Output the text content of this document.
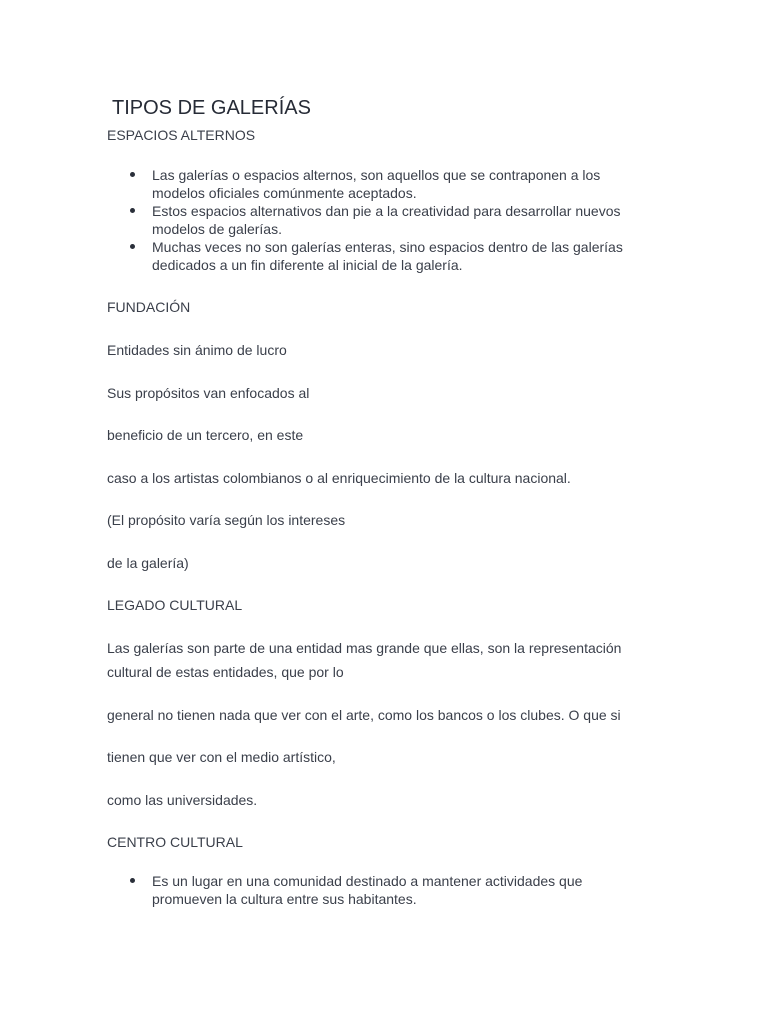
TIPOS DE GALERÍAS
ESPACIOS ALTERNOS
Las galerías o espacios alternos, son aquellos que se contraponen a los
modelos oficiales comúnmente aceptados.
Estos espacios alternativos dan pie a la creatividad para desarrollar nuevos
modelos de galerías.
Muchas veces no son galerías enteras, sino espacios dentro de las galerías
dedicados a un fin diferente al inicial de la galería.
FUNDACIÓN
Entidades sin ánimo de lucro
Sus propósitos van enfocados al
beneficio de un tercero, en este
caso a los artistas colombianos o al enriquecimiento de la cultura nacional.
(El propósito varía según los intereses
de la galería)
LEGADO CULTURAL
Las galerías son parte de una entidad mas grande que ellas, son la representación
cultural de estas entidades, que por lo
general no tienen nada que ver con el arte, como los bancos o los clubes. O que si
tienen que ver con el medio artístico,
como las universidades.
CENTRO CULTURAL
Es un lugar en una comunidad destinado a mantener actividades que
promueven la cultura entre sus habitantes.
